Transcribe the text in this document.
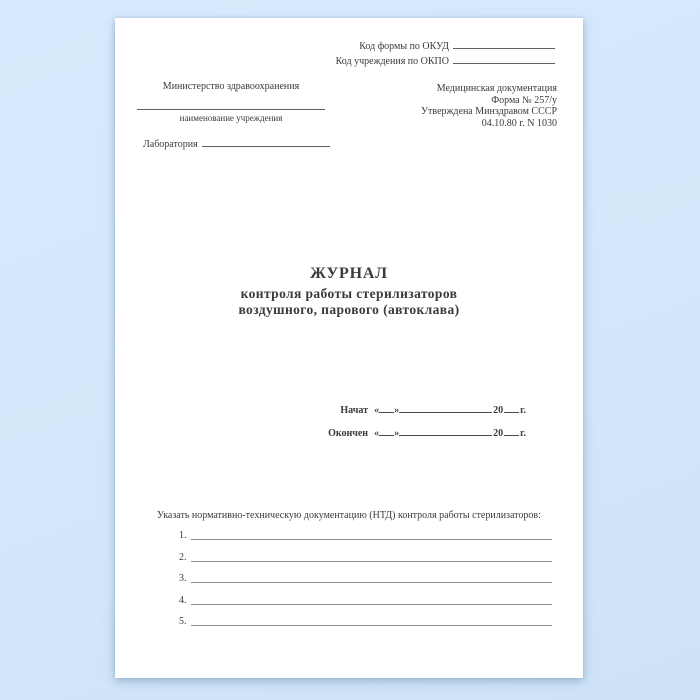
Код формы по ОКУД
Код учреждения по ОКПО
Министерство здравоохранения
наименование учреждения
Медицинская документация
Форма № 257/у
Утверждена Минздравом СССР
04.10.80 г. N 1030
Лаборатория
ЖУРНАЛ
контроля работы стерилизаторов
воздушного, парового (автоклава)
Начат « »	20 г.
Окончен « »	20 г.
Указать нормативно-техническую документацию (НТД) контроля работы стерилизаторов:
1.
2.
3.
4.
5.
